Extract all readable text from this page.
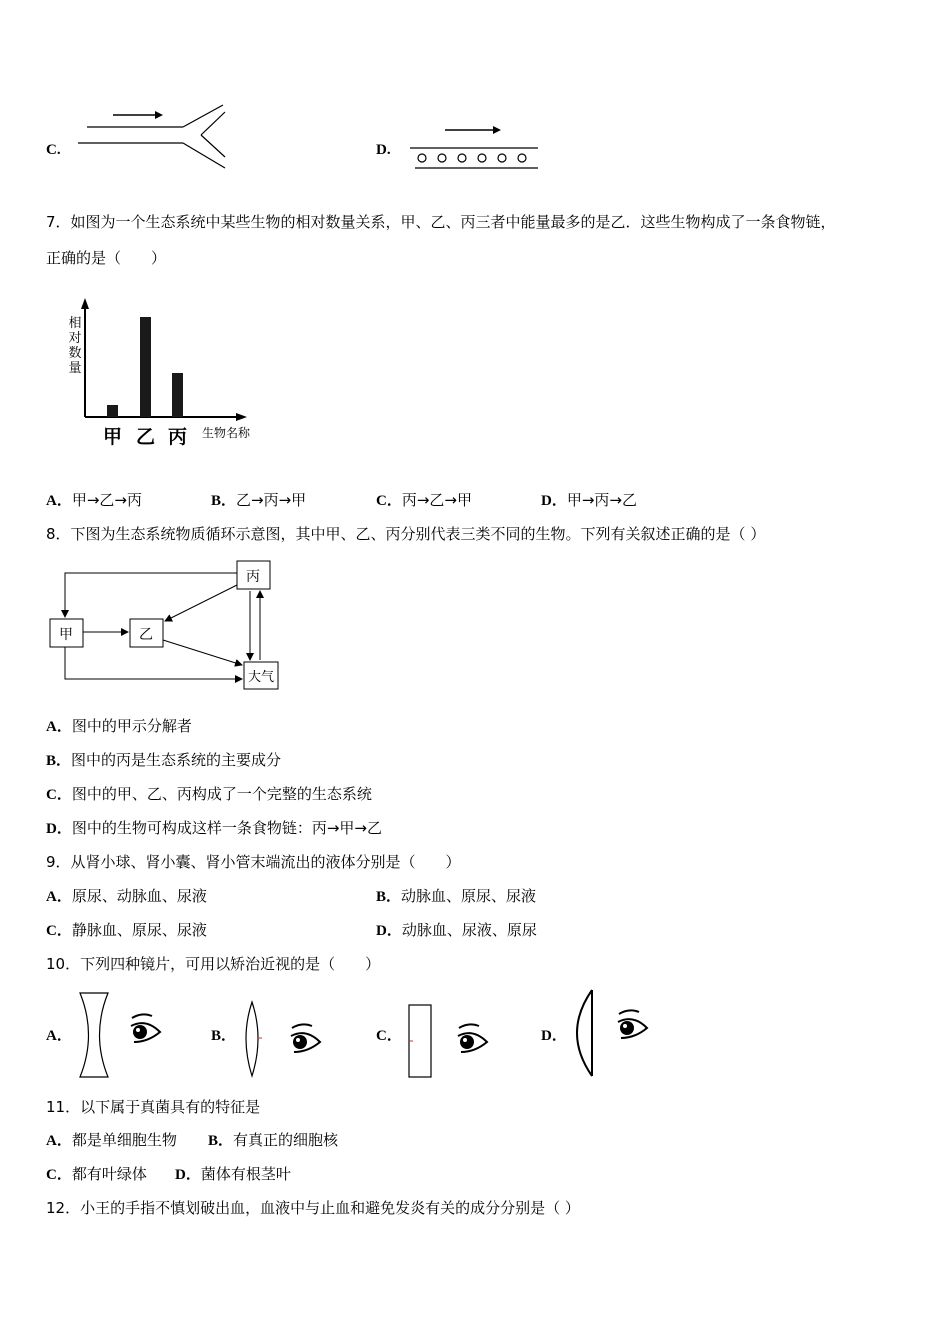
C.	D.
7．如图为一个生态系统中某些生物的相对数量关系，甲、乙、丙三者中能量最多的是乙．这些生物构成了一条食物链，
正确的是（　　）
相
对
数
量
甲 乙 丙 生物名称
A．甲→乙→丙	B．乙→丙→甲	C．丙→乙→甲	D．甲→丙→乙
8．下图为生态系统物质循环示意图，其中甲、乙、丙分别代表三类不同的生物。下列有关叙述正确的是（ ）
丙
甲	乙
大气
A．图中的甲示分解者
B．图中的丙是生态系统的主要成分
C．图中的甲、乙、丙构成了一个完整的生态系统
D．图中的生物可构成这样一条食物链：丙→甲→乙
9．从肾小球、肾小囊、肾小管末端流出的液体分别是（　　）
A．原尿、动脉血、尿液	B．动脉血、原尿、尿液
C．静脉血、原尿、尿液	D．动脉血、尿液、原尿
10．下列四种镜片，可用以矫治近视的是（　　）
A．	B．	C．	D．
11．以下属于真菌具有的特征是
A．都是单细胞生物 B．有真正的细胞核
C．都有叶绿体 D．菌体有根茎叶
12．小王的手指不慎划破出血，血液中与止血和避免发炎有关的成分分别是（ ）
